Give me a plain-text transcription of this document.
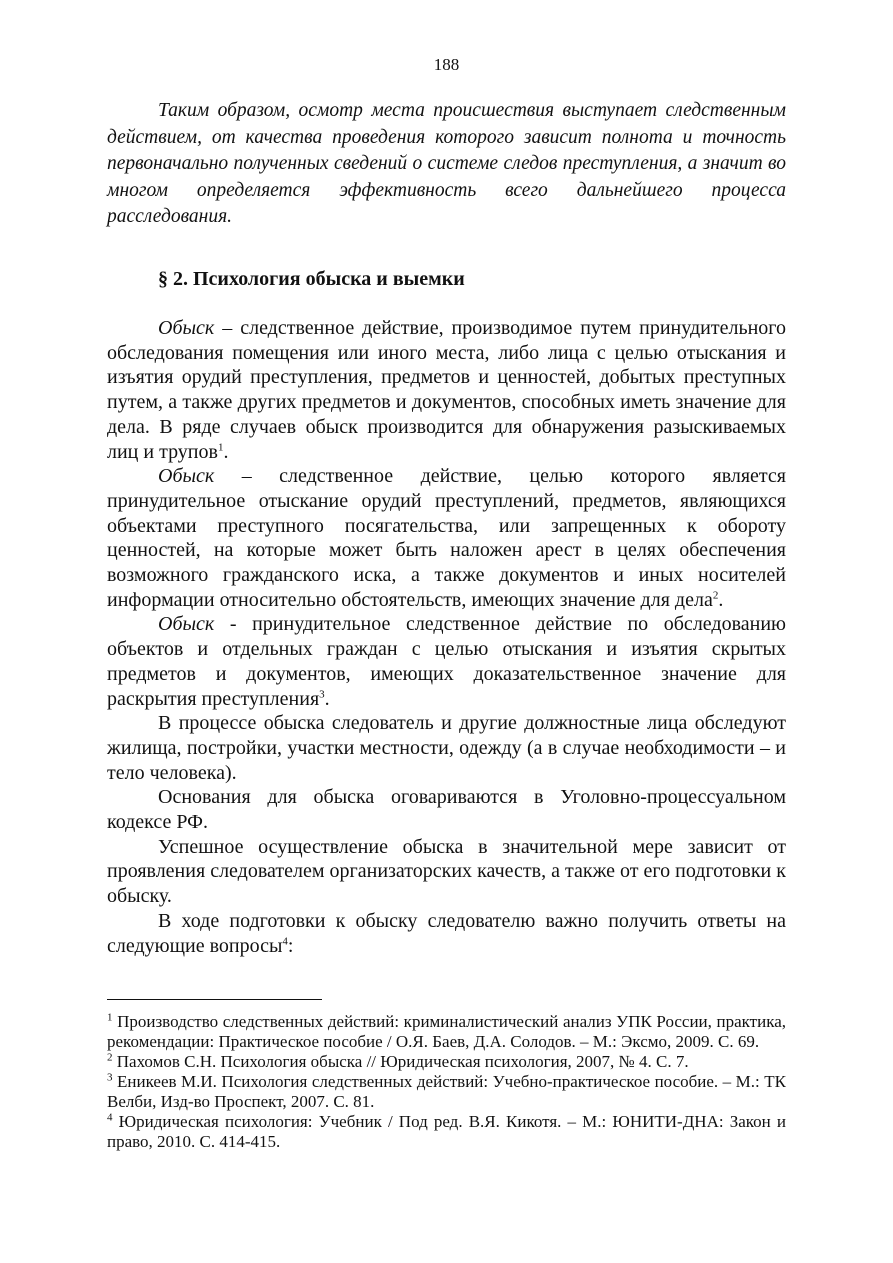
188

Таким образом, осмотр места происшествия выступает следственным действием, от качества проведения которого зависит полнота и точность первоначально полученных сведений о системе следов преступления, а значит во многом определяется эффективность всего дальнейшего процесса расследования.

§ 2. Психология обыска и выемки

Обыск – следственное действие, производимое путем принудительного обследования помещения или иного места, либо лица с целью отыскания и изъятия орудий преступления, предметов и ценностей, добытых преступных путем, а также других предметов и документов, способных иметь значение для дела. В ряде случаев обыск производится для обнаружения разыскиваемых лиц и трупов$^1$.

Обыск – следственное действие, целью которого является принудительное отыскание орудий преступлений, предметов, являющихся объектами преступного посягательства, или запрещенных к обороту ценностей, на которые может быть наложен арест в целях обеспечения возможного гражданского иска, а также документов и иных носителей информации относительно обстоятельств, имеющих значение для дела$^2$.

Обыск - принудительное следственное действие по обследованию объектов и отдельных граждан с целью отыскания и изъятия скрытых предметов и документов, имеющих доказательственное значение для раскрытия преступления$^3$.

В процессе обыска следователь и другие должностные лица обследуют жилища, постройки, участки местности, одежду (а в случае необходимости – и тело человека).

Основания для обыска оговариваются в Уголовно-процессуальном кодексе РФ.

Успешное осуществление обыска в значительной мере зависит от проявления следователем организаторских качеств, а также от его подготовки к обыску.

В ходе подготовки к обыску следователю важно получить ответы на следующие вопросы$^4$:

$^1$ Производство следственных действий: криминалистический анализ УПК России, практика, рекомендации: Практическое пособие / О.Я. Баев, Д.А. Солодов. – М.: Эксмо, 2009. С. 69.

$^2$ Пахомов С.Н. Психология обыска // Юридическая психология, 2007, № 4. С. 7.

$^3$ Еникеев М.И. Психология следственных действий: Учебно-практическое пособие. – М.: ТК Велби, Изд-во Проспект, 2007. С. 81.

$^4$ Юридическая психология: Учебник / Под ред. В.Я. Кикотя. – М.: ЮНИТИ-ДНА: Закон и право, 2010. С. 414-415.
